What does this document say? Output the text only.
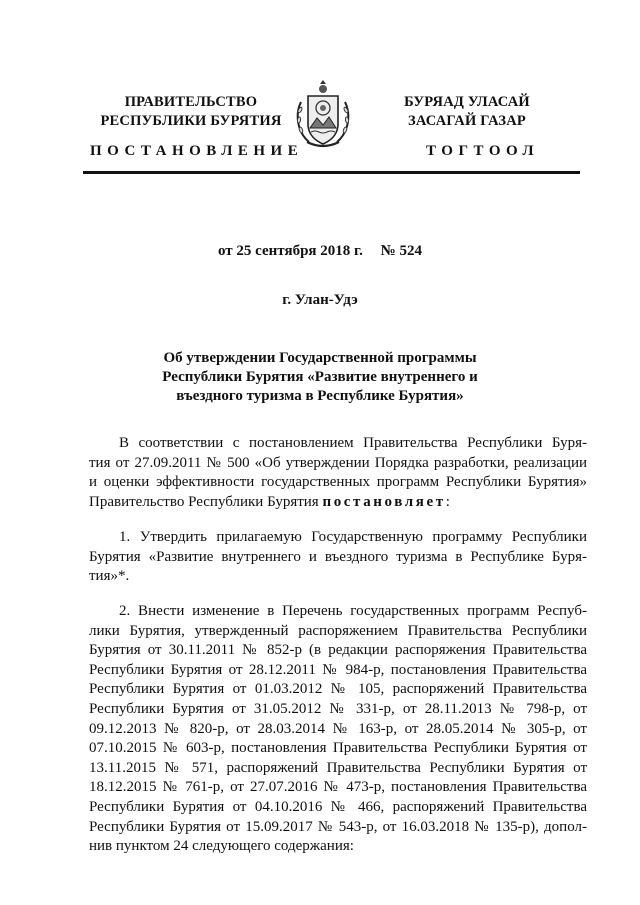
ПРАВИТЕЛЬСТВО
РЕСПУБЛИКИ БУРЯТИЯ
БУРЯАД УЛАСАЙ
ЗАСАГАЙ ГАЗАР
ПОСТАНОВЛЕНИЕ	ТОГТООЛ
от 25 сентября 2018 г. № 524
г. Улан-Удэ
Об утверждении Государственной программы
Республики Бурятия «Развитие внутреннего и
въездного туризма в Республике Бурятия»
В соответствии с постановлением Правительства Республики Буря-
тия от 27.09.2011 № 500 «Об утверждении Порядка разработки, реализации
и оценки эффективности государственных программ Республики Бурятия»
Правительство Республики Бурятия постановляет:
1. Утвердить прилагаемую Государственную программу Республики
Бурятия «Развитие внутреннего и въездного туризма в Республике Буря-
тия»*.
2. Внести изменение в Перечень государственных программ Респуб-
лики Бурятия, утвержденный распоряжением Правительства Республики
Бурятия от 30.11.2011 № 852-р (в редакции распоряжения Правительства
Республики Бурятия от 28.12.2011 № 984-р, постановления Правительства
Республики Бурятия от 01.03.2012 № 105, распоряжений Правительства
Республики Бурятия от 31.05.2012 № 331-р, от 28.11.2013 № 798-р, от
09.12.2013 № 820-р, от 28.03.2014 № 163-р, от 28.05.2014 № 305-р, от
07.10.2015 № 603-р, постановления Правительства Республики Бурятия от
13.11.2015 № 571, распоряжений Правительства Республики Бурятия от
18.12.2015 № 761-р, от 27.07.2016 № 473-р, постановления Правительства
Республики Бурятия от 04.10.2016 № 466, распоряжений Правительства
Республики Бурятия от 15.09.2017 № 543-р, от 16.03.2018 № 135-р), допол-
нив пунктом 24 следующего содержания:
